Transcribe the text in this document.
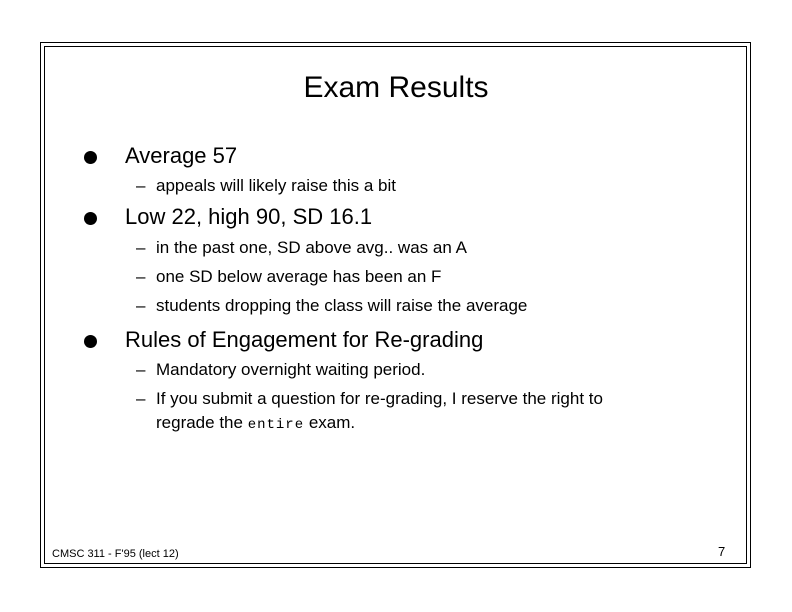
Exam Results
Average 57
– appeals will likely raise this a bit
Low 22, high 90, SD 16.1
– in the past one, SD above avg.. was an A
– one SD below average has been an F
– students dropping the class will raise the average
Rules of Engagement for Re-grading
– Mandatory overnight waiting period.
– If you submit a question for re-grading, I reserve the right to
regrade the entire exam.
CMSC 311 - F'95 (lect 12)	7
